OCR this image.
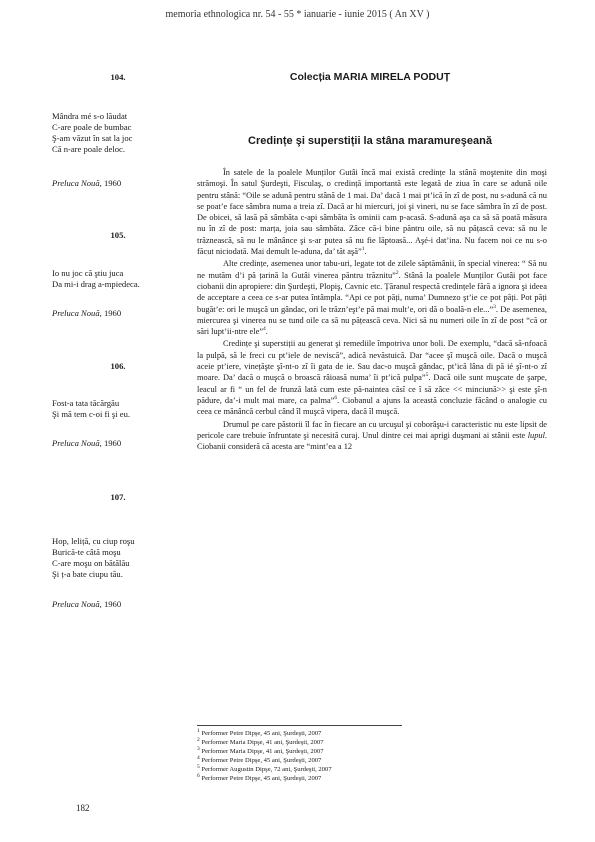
memoria ethnologica nr. 54 - 55 * ianuarie - iunie 2015 ( An XV )
Colecția MARIA MIRELA PODUȚ
104.
Mândra mé s-o lăudat
C-are poale de bumbac
Ş-am văzut în sat la joc
Că n-are poale deloc.
Preluca Nouă, 1960
105.
Io nu joc că ştiu juca
Da mi-i drag a-mpiedeca.
Preluca Nouă, 1960
106.
Fost-a tata tăcărgău
Şi mă tem c-oi fi şi eu.
Preluca Nouă, 1960
107.
Hop, leliță, cu ciup roşu
Burică-te câtă moşu
C-are moşu on bătălău
Şi ț-a bate ciupu tău.
Preluca Nouă, 1960
Credințe şi superstiții la stâna maramureşeană

În satele de la poalele Munților Gutâi încă mai există credințe la stână moştenite din moşi strămoşi. În satul Şurdeşti, Fisculaş, o credință importantă este legată de ziua în care se adună oile pentru stână: “Oile se adună pentru stână de 1 mai. Da’ dacă 1 mai pt’ică în zî de post, nu s-adună că nu se poat’e face sâmbra numa a treia zî. Dacă ar hi miercuri, joi şi vineri, nu se face sâmbra în zî de post. De obicei, să lasă pă sâmbăta c-api sâmbăta îs ominii cam p-acasă. S-adună aşa ca să să poată măsura nu în zî de post: marța, joia sau sâmbăta. Zâce că-i bine păntru oile, să nu pățască ceva: să nu le trăznească, să nu le mânânce şi s-ar putea să nu fie lăptoasă... Aşé-i dat’ina. Nu facem noi ce nu s-o făcut niciodată. Mai demult le-aduna, da’ tăt aşă”$^1$.

Alte credințe, asemenea unor tabu-uri, legate tot de zilele săptămânii, în special vinerea: “ Să nu ne mutăm d’i pă țarină la Gutâi vinerea păntru trăznitu”$^2$. Stână la poalele Munților Gutâi pot face ciobanii din apropiere: din Şurdeşti, Plopiş, Cavnic etc. Țăranul respectă credințele fără a ignora şi ideea de acceptare a ceea ce s-ar putea întâmpla. “Api ce pot păți, numa’ Dumnezo şt’ie ce pot păți. Pot păți bugăt’e: ori le muşcă un gândac, ori le trăzn’eşt’e pă mai mult’e, ori dă o boală-n ele...”$^3$. De asemenea, miercurea şi vinerea nu se tund oile ca să nu pățească ceva. Nici să nu numeri oile în zî de post “că or sări lupt’ii-ntre ele”$^4$.

Credințe şi superstiții au generat şi remediile împotriva unor boli. De exemplu, “dacă să-nfoacă la pulpă, să le freci cu pt’iele de neviscă”, adică nevăstuică. Dar “acee şî muşcă oile. Dacă o muşcă aceie pt’iere, vinețăşte şî-nt-o zî îi gata de ie. Sau dac-o muşcă gândac, pt’ică lâna di pă ié şî-nt-o zî moare. Da’ dacă o muşcă o broască râioasă numa’ îi pt’ică pulpa”$^5$. Dacă oile sunt muşcate de şarpe, leacul ar fi “ un fel de frunză lată cum este pă-naintea căsî ce î să zâce << minciună>> şi este şî-n pădure, da’-i mult mai mare, ca palma”$^6$. Ciobanul a ajuns la această concluzie făcând o analogie cu ceea ce mănâncă cerbul când îl muşcă vipera, dacă îl muşcă.

Drumul pe care păstorii îl fac în fiecare an cu urcuşul şi coborâşu-i caracteristic nu este lipsit de pericole care trebuie înfruntate şi necesită curaj. Unul dintre cei mai aprigi duşmani ai stânii este lupul. Ciobanii consideră că acesta are “mint’ea a 12

$^1$ Performer Petre Dipşe, 45 ani, Şurdeşti, 2007
$^2$ Performer Maria Dipşe, 41 ani, Şurdeşti, 2007
$^3$ Performer Maria Dipşe, 41 ani, Şurdeşti, 2007
$^4$ Performer Petre Dipşe, 45 ani, Şurdeşti, 2007
$^5$ Performer Augustin Dipşe, 72 ani, Şurdeşti, 2007
$^6$ Performer Petre Dipşe, 45 ani, Şurdeşti, 2007
182
